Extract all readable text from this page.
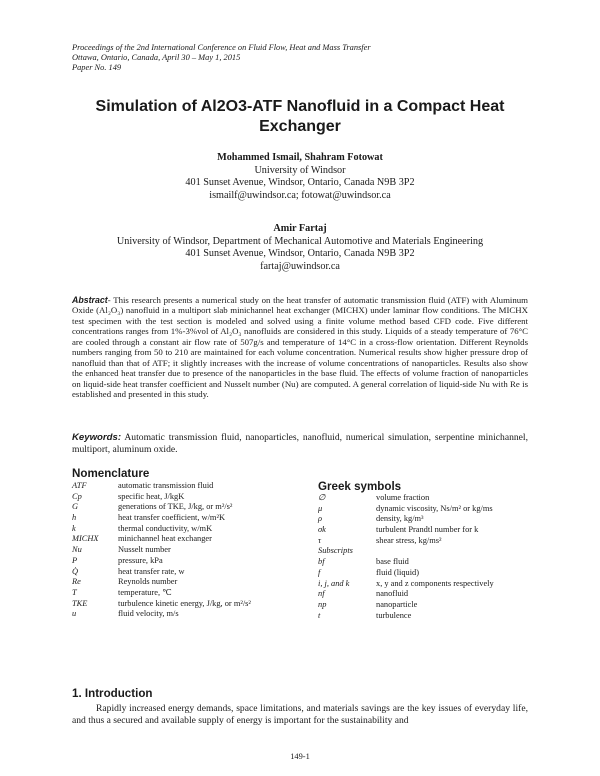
Proceedings of the 2nd International Conference on Fluid Flow, Heat and Mass Transfer
Ottawa, Ontario, Canada, April 30 – May 1, 2015
Paper No. 149
Simulation of Al2O3-ATF Nanofluid in a Compact Heat Exchanger
Mohammed Ismail, Shahram Fotowat
University of Windsor
401 Sunset Avenue, Windsor, Ontario, Canada N9B 3P2
ismailf@uwindsor.ca; fotowat@uwindsor.ca
Amir Fartaj
University of Windsor, Department of Mechanical Automotive and Materials Engineering
401 Sunset Avenue, Windsor, Ontario, Canada N9B 3P2
fartaj@uwindsor.ca
Abstract- This research presents a numerical study on the heat transfer of automatic transmission fluid (ATF) with Aluminum Oxide (Al₂O₃) nanofluid in a multiport slab minichannel heat exchanger (MICHX) under laminar flow conditions. The MICHX test specimen with the test section is modeled and solved using a finite volume method based CFD code. Five different concentrations ranges from 1%-3%vol of Al₂O₃ nanofluids are considered in this study. Liquids of a steady temperature of 76°C are cooled through a constant air flow rate of 507g/s and temperature of 14°C in a cross-flow orientation. Different Reynolds numbers ranging from 50 to 210 are maintained for each volume concentration. Numerical results show higher pressure drop of nanofluid than that of ATF; it slightly increases with the increase of volume concentrations of nanoparticles. Results also show the enhanced heat transfer due to presence of the nanoparticles in the base fluid. The effects of volume fraction of nanoparticles on liquid-side heat transfer coefficient and Nusselt number (Nu) are computed. A general correlation of liquid-side Nu with Re is established and presented in this study.
Keywords: Automatic transmission fluid, nanoparticles, nanofluid, numerical simulation, serpentine minichannel, multiport, aluminum oxide.
Nomenclature
ATF	automatic transmission fluid
Cp	specific heat, J/kgK
G	generations of TKE, J/kg, or m²/s²
h	heat transfer coefficient, w/m²K
k	thermal conductivity, w/mK
MICHX minichannel heat exchanger
Nu	Nusselt number
P	pressure, kPa
Q̇	heat transfer rate, w
Re	Reynolds number
T	temperature, ℃
TKE	turbulence kinetic energy, J/kg, or m²/s²
u	fluid velocity, m/s
Greek symbols
∅	volume fraction
μ	dynamic viscosity, Ns/m² or kg/ms
ρ	density, kg/m³
σk	turbulent Prandtl number for k
τ	shear stress, kg/ms²
Subscripts
bf	base fluid
f	fluid (liquid)
i, j, and k	x, y and z components respectively
nf	nanofluid
np	nanoparticle
t	turbulence
1. Introduction
Rapidly increased energy demands, space limitations, and materials savings are the key issues of everyday life, and thus a secured and available supply of energy is important for the sustainability and
149-1
